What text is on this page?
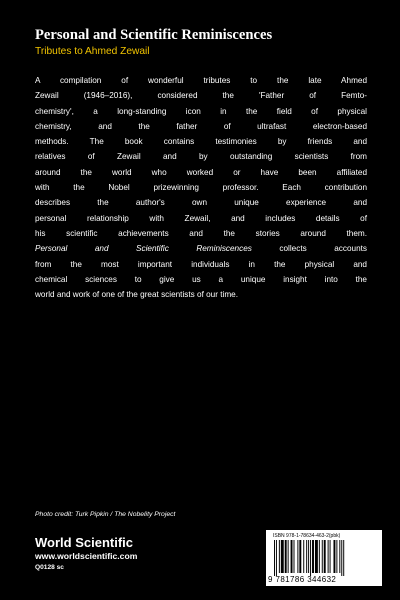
Personal and Scientific Reminiscences
Tributes to Ahmed Zewail
A compilation of wonderful tributes to the late Ahmed
Zewail (1946–2016), considered the 'Father of Femto-
chemistry', a long-standing icon in the field of physical
chemistry, and the father of ultrafast electron-based
methods. The book contains testimonies by friends and
relatives of Zewail and by outstanding scientists from
around the world who worked or have been affiliated
with the Nobel prizewinning professor. Each contribution
describes the author's own unique experience and
personal relationship with Zewail, and includes details of
his scientific achievements and the stories around them.
Personal and Scientific Reminiscences collects accounts
from the most important individuals in the physical and
chemical sciences to give us a unique insight into the
world and work of one of the great scientists of our time.
Photo credit: Turk Pipkin / The Nobelity Project
World Scientific
www.worldscientific.com
Q0128 sc
ISBN 978-1-78634-463-2(pbk)
9 781786 344632
